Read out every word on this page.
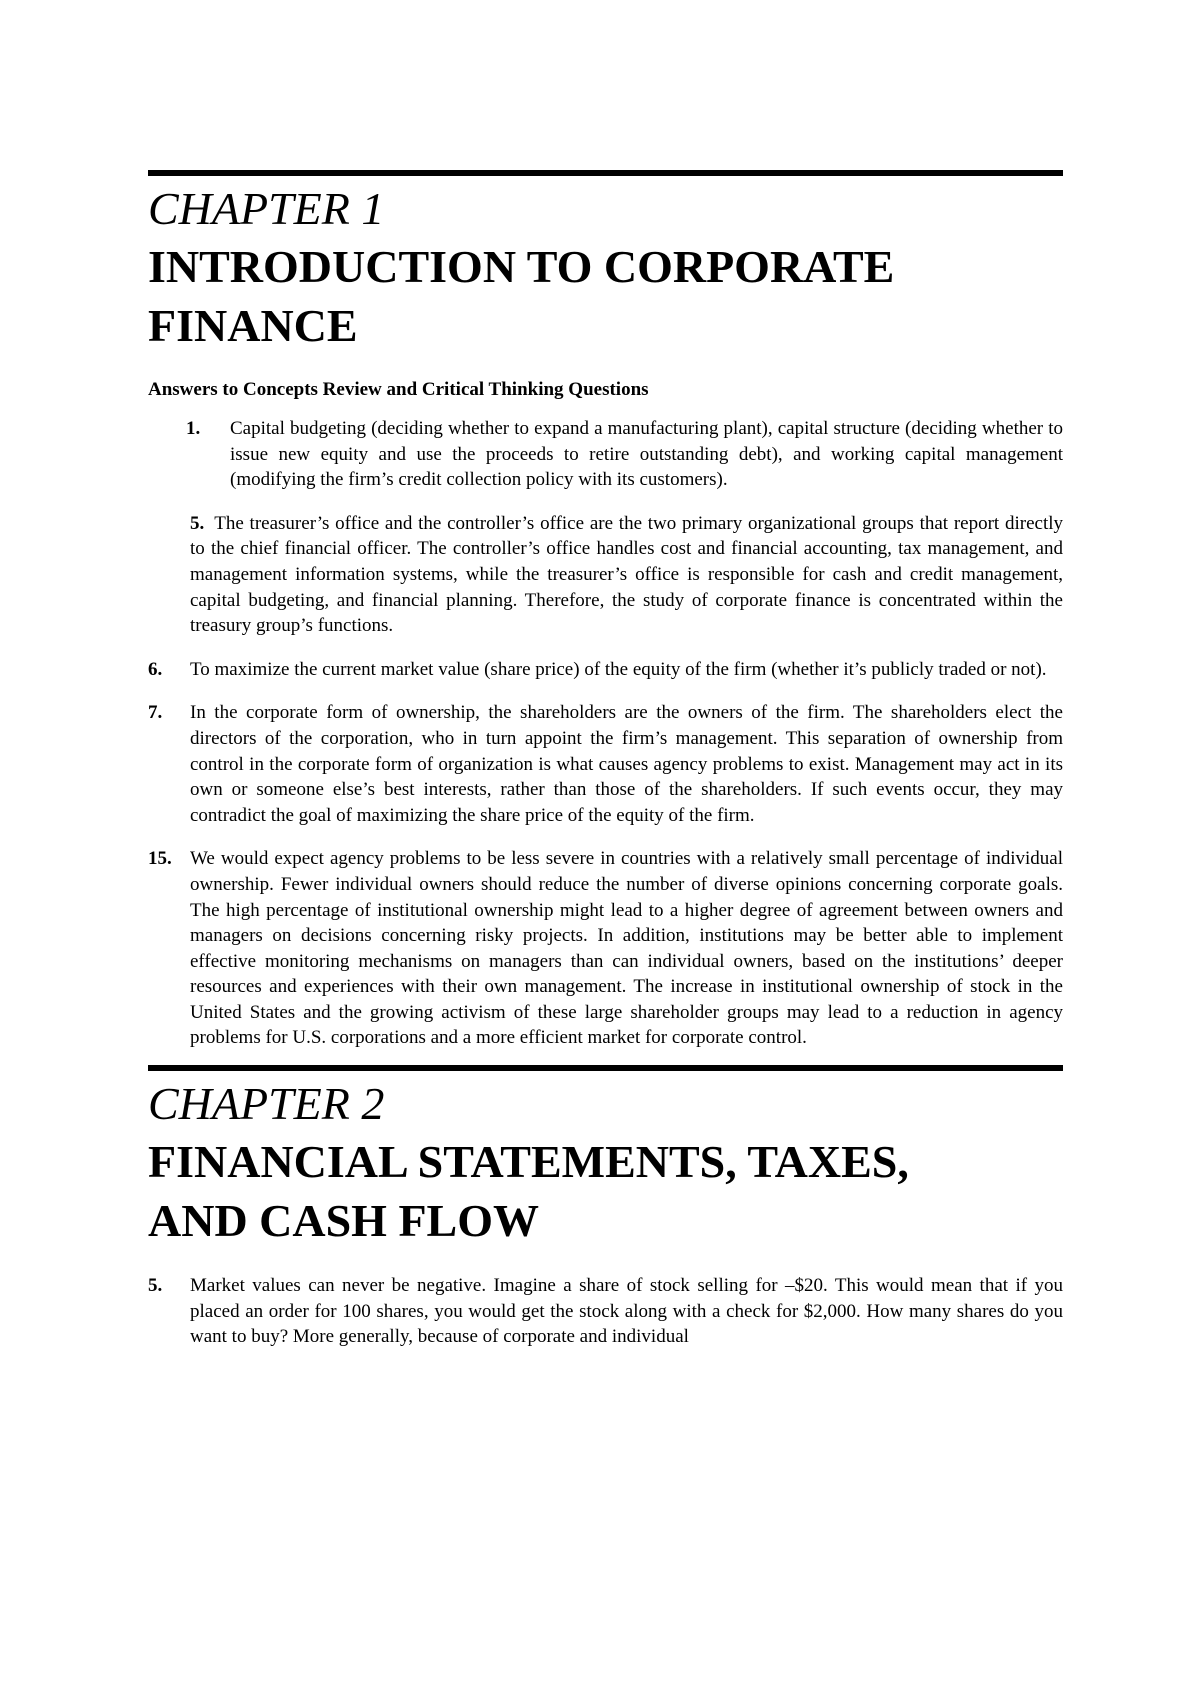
CHAPTER 1
INTRODUCTION TO CORPORATE
FINANCE
Answers to Concepts Review and Critical Thinking Questions
1.	Capital budgeting (deciding whether to expand a manufacturing plant), capital structure (deciding whether to issue new equity and use the proceeds to retire outstanding debt), and working capital management (modifying the firm’s credit collection policy with its customers).
5. The treasurer’s office and the controller’s office are the two primary organizational groups that report directly to the chief financial officer. The controller’s office handles cost and financial accounting, tax management, and management information systems, while the treasurer’s office is responsible for cash and credit management, capital budgeting, and financial planning. Therefore, the study of corporate finance is concentrated within the treasury group’s functions.
6.	To maximize the current market value (share price) of the equity of the firm (whether it’s publicly traded or not).
7.	In the corporate form of ownership, the shareholders are the owners of the firm. The shareholders elect the directors of the corporation, who in turn appoint the firm’s management. This separation of ownership from control in the corporate form of organization is what causes agency problems to exist. Management may act in its own or someone else’s best interests, rather than those of the shareholders. If such events occur, they may contradict the goal of maximizing the share price of the equity of the firm.
15. We would expect agency problems to be less severe in countries with a relatively small percentage of individual ownership. Fewer individual owners should reduce the number of diverse opinions concerning corporate goals. The high percentage of institutional ownership might lead to a higher degree of agreement between owners and managers on decisions concerning risky projects. In addition, institutions may be better able to implement effective monitoring mechanisms on managers than can individual owners, based on the institutions’ deeper resources and experiences with their own management. The increase in institutional ownership of stock in the United States and the growing activism of these large shareholder groups may lead to a reduction in agency problems for U.S. corporations and a more efficient market for corporate control.
CHAPTER 2
FINANCIAL STATEMENTS, TAXES,
AND CASH FLOW
5.	Market values can never be negative. Imagine a share of stock selling for –$20. This would mean that if you placed an order for 100 shares, you would get the stock along with a check for $2,000. How many shares do you want to buy? More generally, because of corporate and individual
